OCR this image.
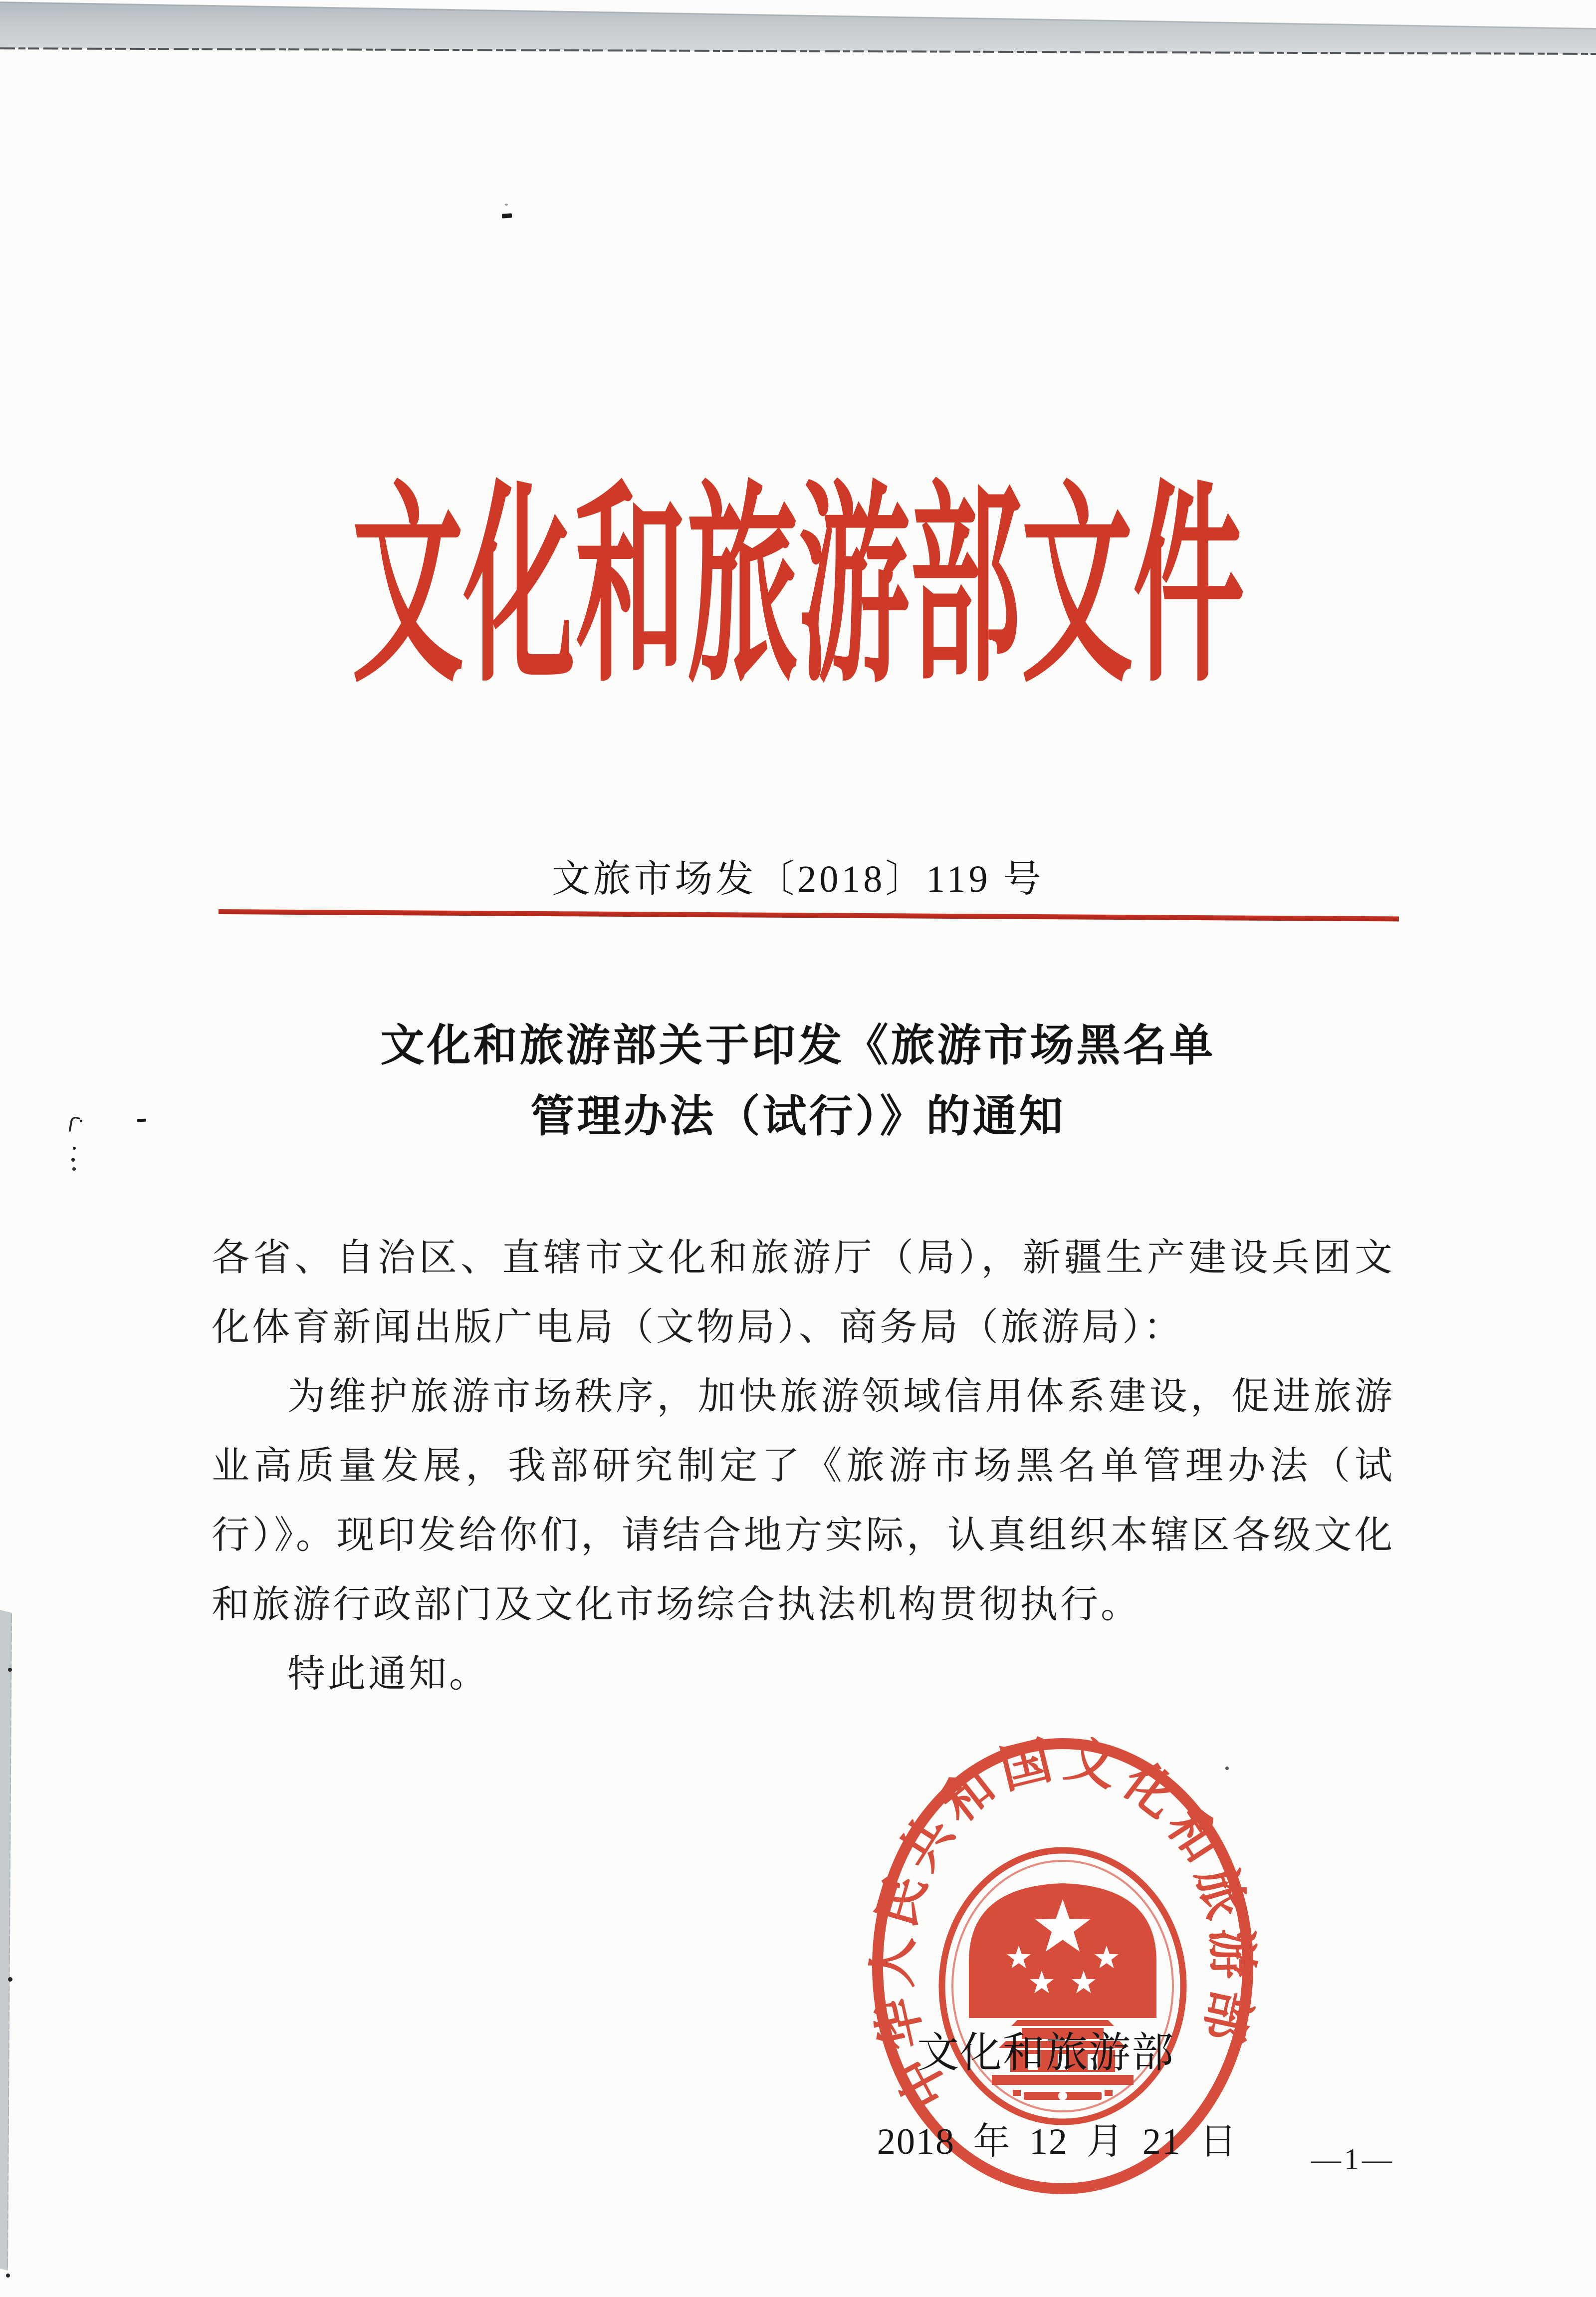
文化和旅游部文件
文旅市场发〔2018〕119 号
文化和旅游部关于印发《旅游市场黑名单
管理办法（试行）》的通知

各省、自治区、直辖市文化和旅游厅（局），新疆生产建设兵团文化体育新闻出版广电局（文物局）、商务局（旅游局）：

为维护旅游市场秩序，加快旅游领域信用体系建设，促进旅游业高质量发展，我部研究制定了《旅游市场黑名单管理办法（试行）》。现印发给你们，请结合地方实际，认真组织本辖区各级文化和旅游行政部门及文化市场综合执法机构贯彻执行。

特此通知。

中华人民共和国文化和旅游部
文化和旅游部
2018 年 12 月 21 日 —1—
